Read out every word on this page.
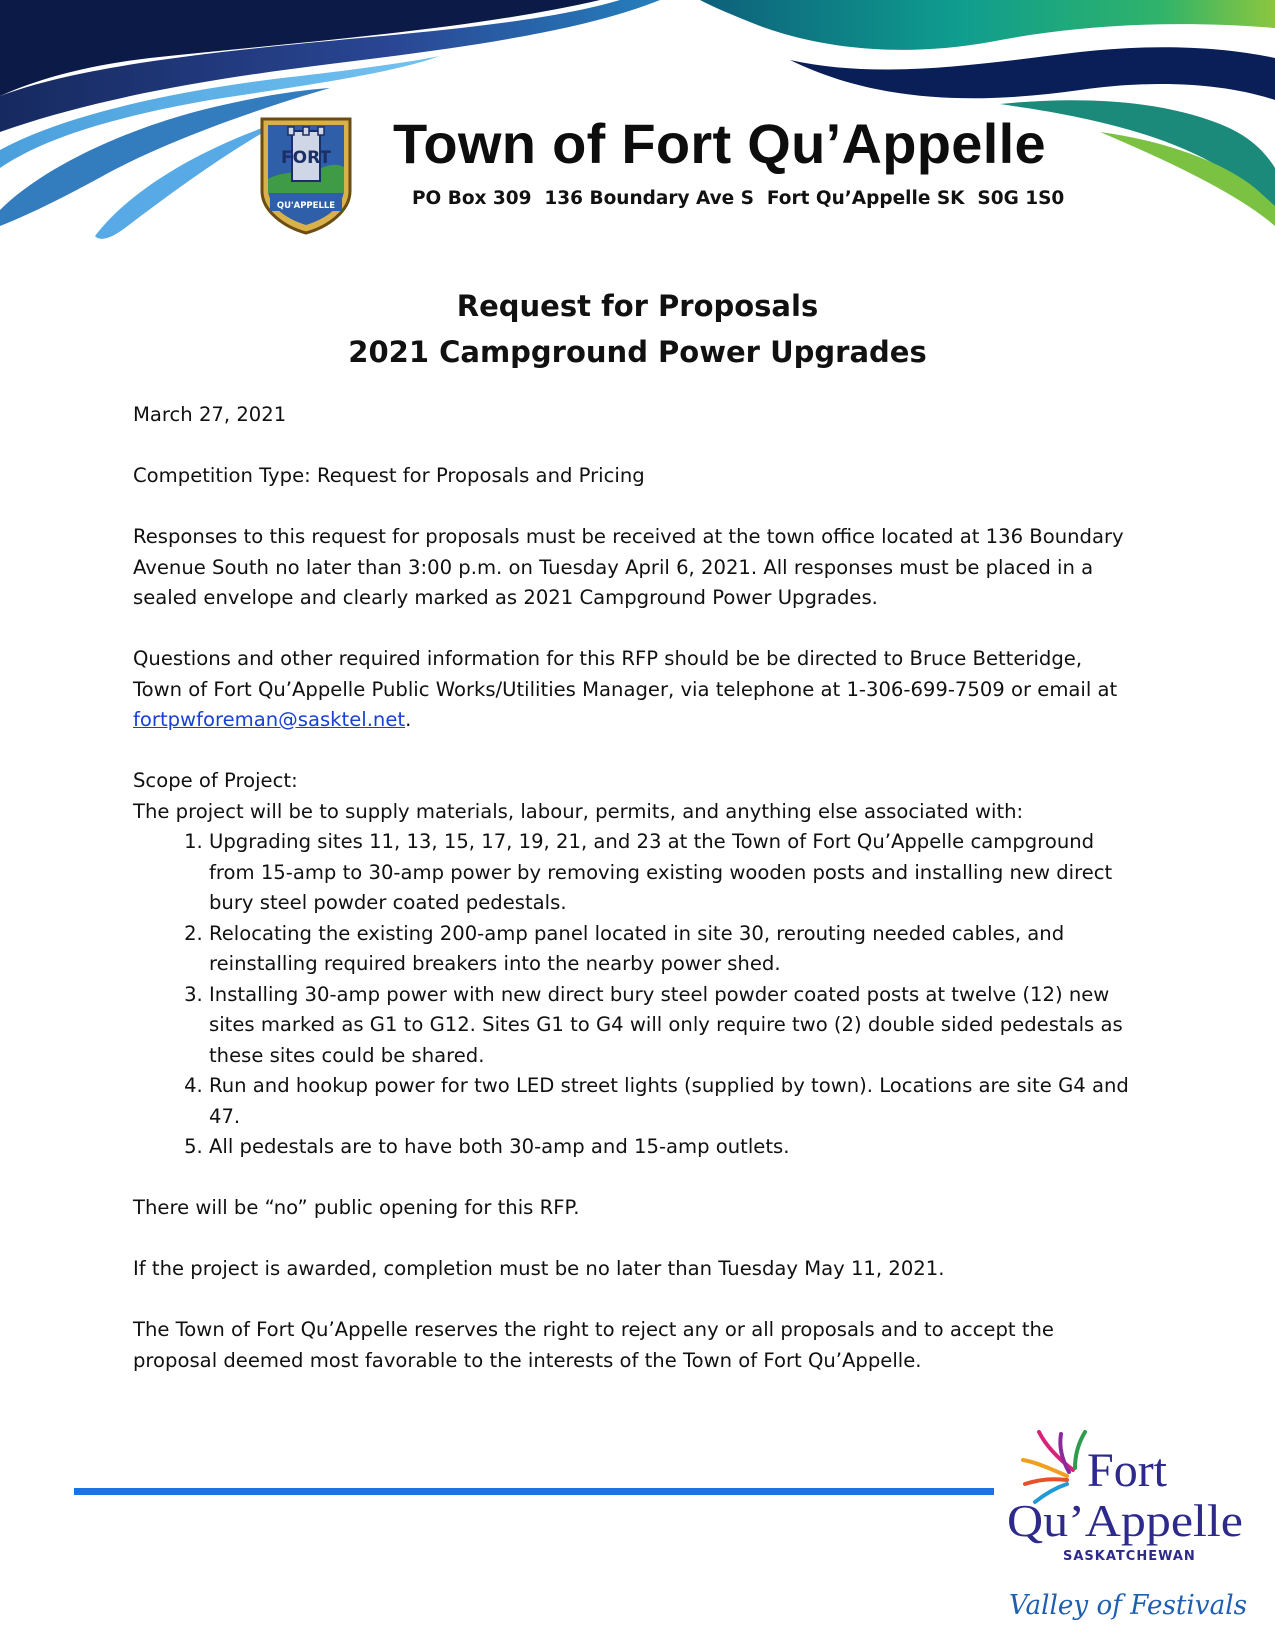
FORT
QU'APPELLE
Town of Fort Qu’Appelle

PO Box 309  136 Boundary Ave S  Fort Qu’Appelle SK  S0G 1S0

Request for Proposals
2021 Campground Power Upgrades

March 27, 2021

Competition Type: Request for Proposals and Pricing

Responses to this request for proposals must be received at the town office located at 136 Boundary Avenue South no later than 3:00 p.m. on Tuesday April 6, 2021. All responses must be placed in a sealed envelope and clearly marked as 2021 Campground Power Upgrades.

Questions and other required information for this RFP should be be directed to Bruce Betteridge, Town of Fort Qu’Appelle Public Works/Utilities Manager, via telephone at 1-306-699-7509 or email at fortpwforeman@sasktel.net.

Scope of Project:

The project will be to supply materials, labour, permits, and anything else associated with:

1. Upgrading sites 11, 13, 15, 17, 19, 21, and 23 at the Town of Fort Qu’Appelle campground from 15-amp to 30-amp power by removing existing wooden posts and installing new direct bury steel powder coated pedestals.
2. Relocating the existing 200-amp panel located in site 30, rerouting needed cables, and reinstalling required breakers into the nearby power shed.
3. Installing 30-amp power with new direct bury steel powder coated posts at twelve (12) new sites marked as G1 to G12. Sites G1 to G4 will only require two (2) double sided pedestals as these sites could be shared.
4. Run and hookup power for two LED street lights (supplied by town). Locations are site G4 and 47.
5. All pedestals are to have both 30-amp and 15-amp outlets.

There will be “no” public opening for this RFP.

If the project is awarded, completion must be no later than Tuesday May 11, 2021.

The Town of Fort Qu’Appelle reserves the right to reject any or all proposals and to accept the proposal deemed most favorable to the interests of the Town of Fort Qu’Appelle.

Fort
Qu’Appelle
SASKATCHEWAN
Valley of Festivals
